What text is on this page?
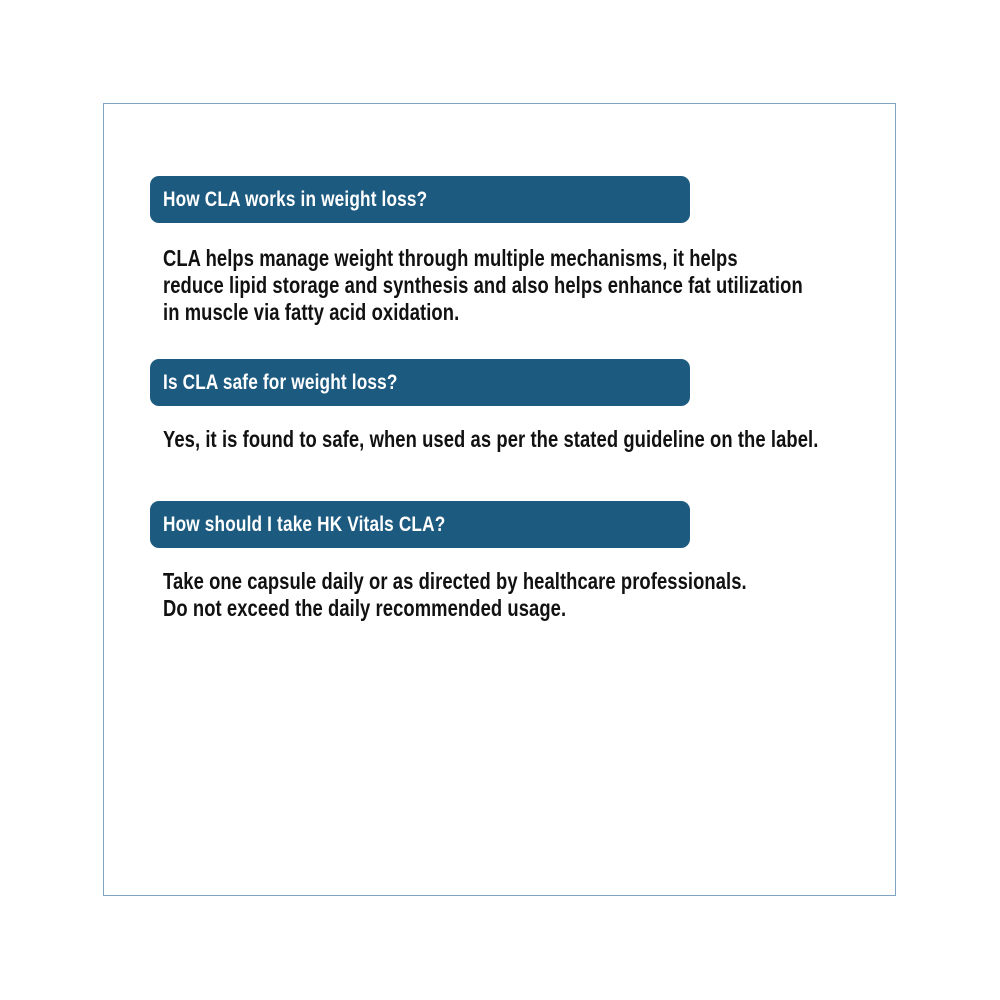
How CLA works in weight loss?
CLA helps manage weight through multiple mechanisms, it helps
reduce lipid storage and synthesis and also helps enhance fat utilization
in muscle via fatty acid oxidation.
Is CLA safe for weight loss?
Yes, it is found to safe, when used as per the stated guideline on the label.
How should I take HK Vitals CLA?
Take one capsule daily or as directed by healthcare professionals.
Do not exceed the daily recommended usage.
